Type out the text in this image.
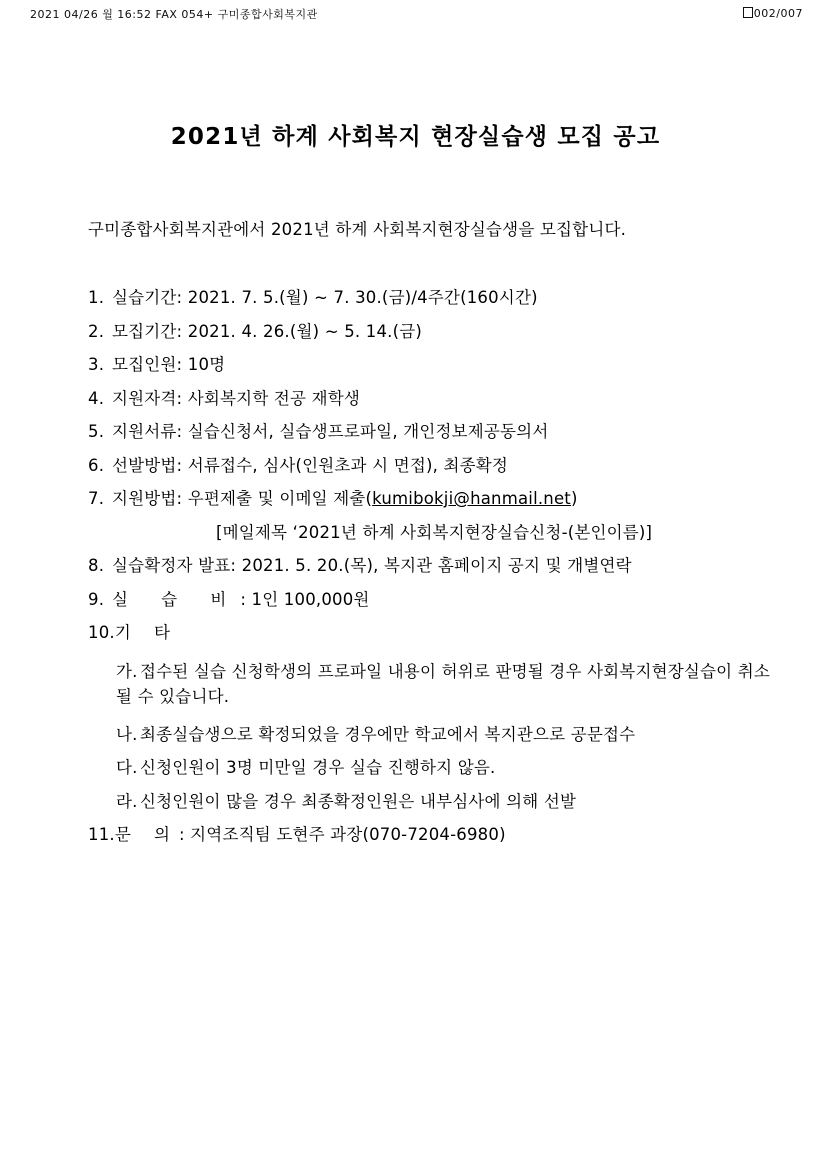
2021 04/26 월 16:52 FAX 054+ 구미종합사회복지관	002/007
2021년 하계 사회복지 현장실습생 모집 공고
구미종합사회복지관에서 2021년 하계 사회복지현장실습생을 모집합니다.
1. 실습기간: 2021. 7. 5.(월) ~ 7. 30.(금)/4주간(160시간)
2. 모집기간: 2021. 4. 26.(월) ~ 5. 14.(금)
3. 모집인원: 10명
4. 지원자격: 사회복지학 전공 재학생
5. 지원서류: 실습신청서, 실습생프로파일, 개인정보제공동의서
6. 선발방법: 서류접수, 심사(인원초과 시 면접), 최종확정
7. 지원방법: 우편제출 및 이메일 제출(kumibokji@hanmail.net)
[메일제목 ‘2021년 하계 사회복지현장실습신청-(본인이름)]
8. 실습확정자 발표: 2021. 5. 20.(목), 복지관 홈페이지 공지 및 개별연락
9. 실 습 비: 1인 100,000원
10.기 타
가. 접수된 실습 신청학생의 프로파일 내용이 허위로 판명될 경우 사회복지현장실습이 취소될 수 있습니다.
나. 최종실습생으로 확정되었을 경우에만 학교에서 복지관으로 공문접수
다. 신청인원이 3명 미만일 경우 실습 진행하지 않음.
라. 신청인원이 많을 경우 최종확정인원은 내부심사에 의해 선발
11.문 의: 지역조직팀 도현주 과장(070-7204-6980)
